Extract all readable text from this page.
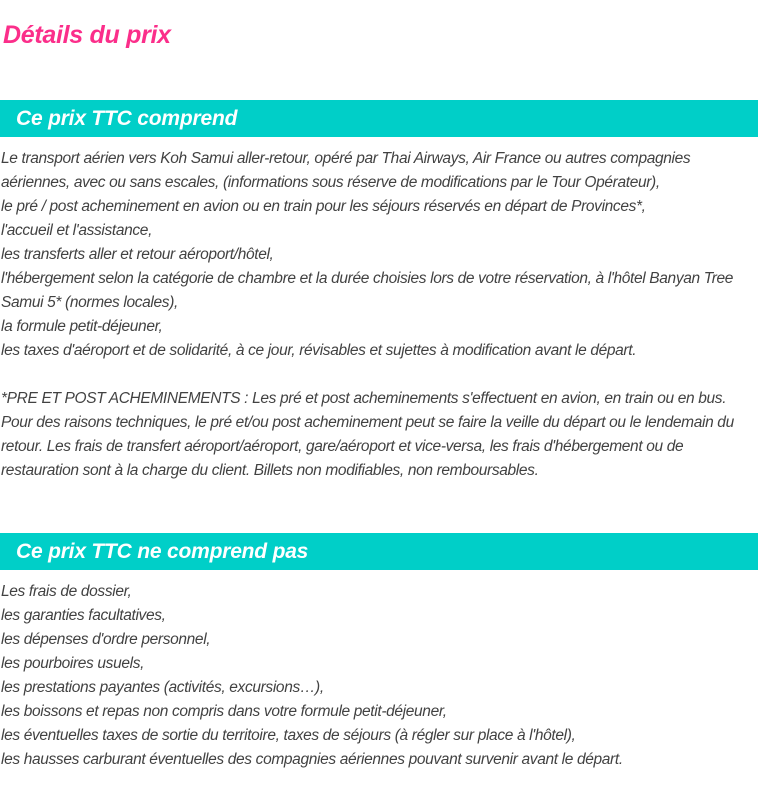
Détails du prix
Ce prix TTC comprend

Le transport aérien vers Koh Samui aller-retour, opéré par Thai Airways, Air France ou autres compagnies aériennes, avec ou sans escales, (informations sous réserve de modifications par le Tour Opérateur),

le pré / post acheminement en avion ou en train pour les séjours réservés en départ de Provinces*,

l'accueil et l'assistance,

les transferts aller et retour aéroport/hôtel,

l'hébergement selon la catégorie de chambre et la durée choisies lors de votre réservation, à l'hôtel Banyan Tree Samui 5* (normes locales),

la formule petit-déjeuner,

les taxes d'aéroport et de solidarité, à ce jour, révisables et sujettes à modification avant le départ.

*PRE ET POST ACHEMINEMENTS : Les pré et post acheminements s'effectuent en avion, en train ou en bus. Pour des raisons techniques, le pré et/ou post acheminement peut se faire la veille du départ ou le lendemain du retour. Les frais de transfert aéroport/aéroport, gare/aéroport et vice-versa, les frais d'hébergement ou de restauration sont à la charge du client. Billets non modifiables, non remboursables.

Ce prix TTC ne comprend pas

Les frais de dossier,

les garanties facultatives,

les dépenses d'ordre personnel,

les pourboires usuels,

les prestations payantes (activités, excursions…),

les boissons et repas non compris dans votre formule petit-déjeuner,

les éventuelles taxes de sortie du territoire, taxes de séjours (à régler sur place à l'hôtel),

les hausses carburant éventuelles des compagnies aériennes pouvant survenir avant le départ.
